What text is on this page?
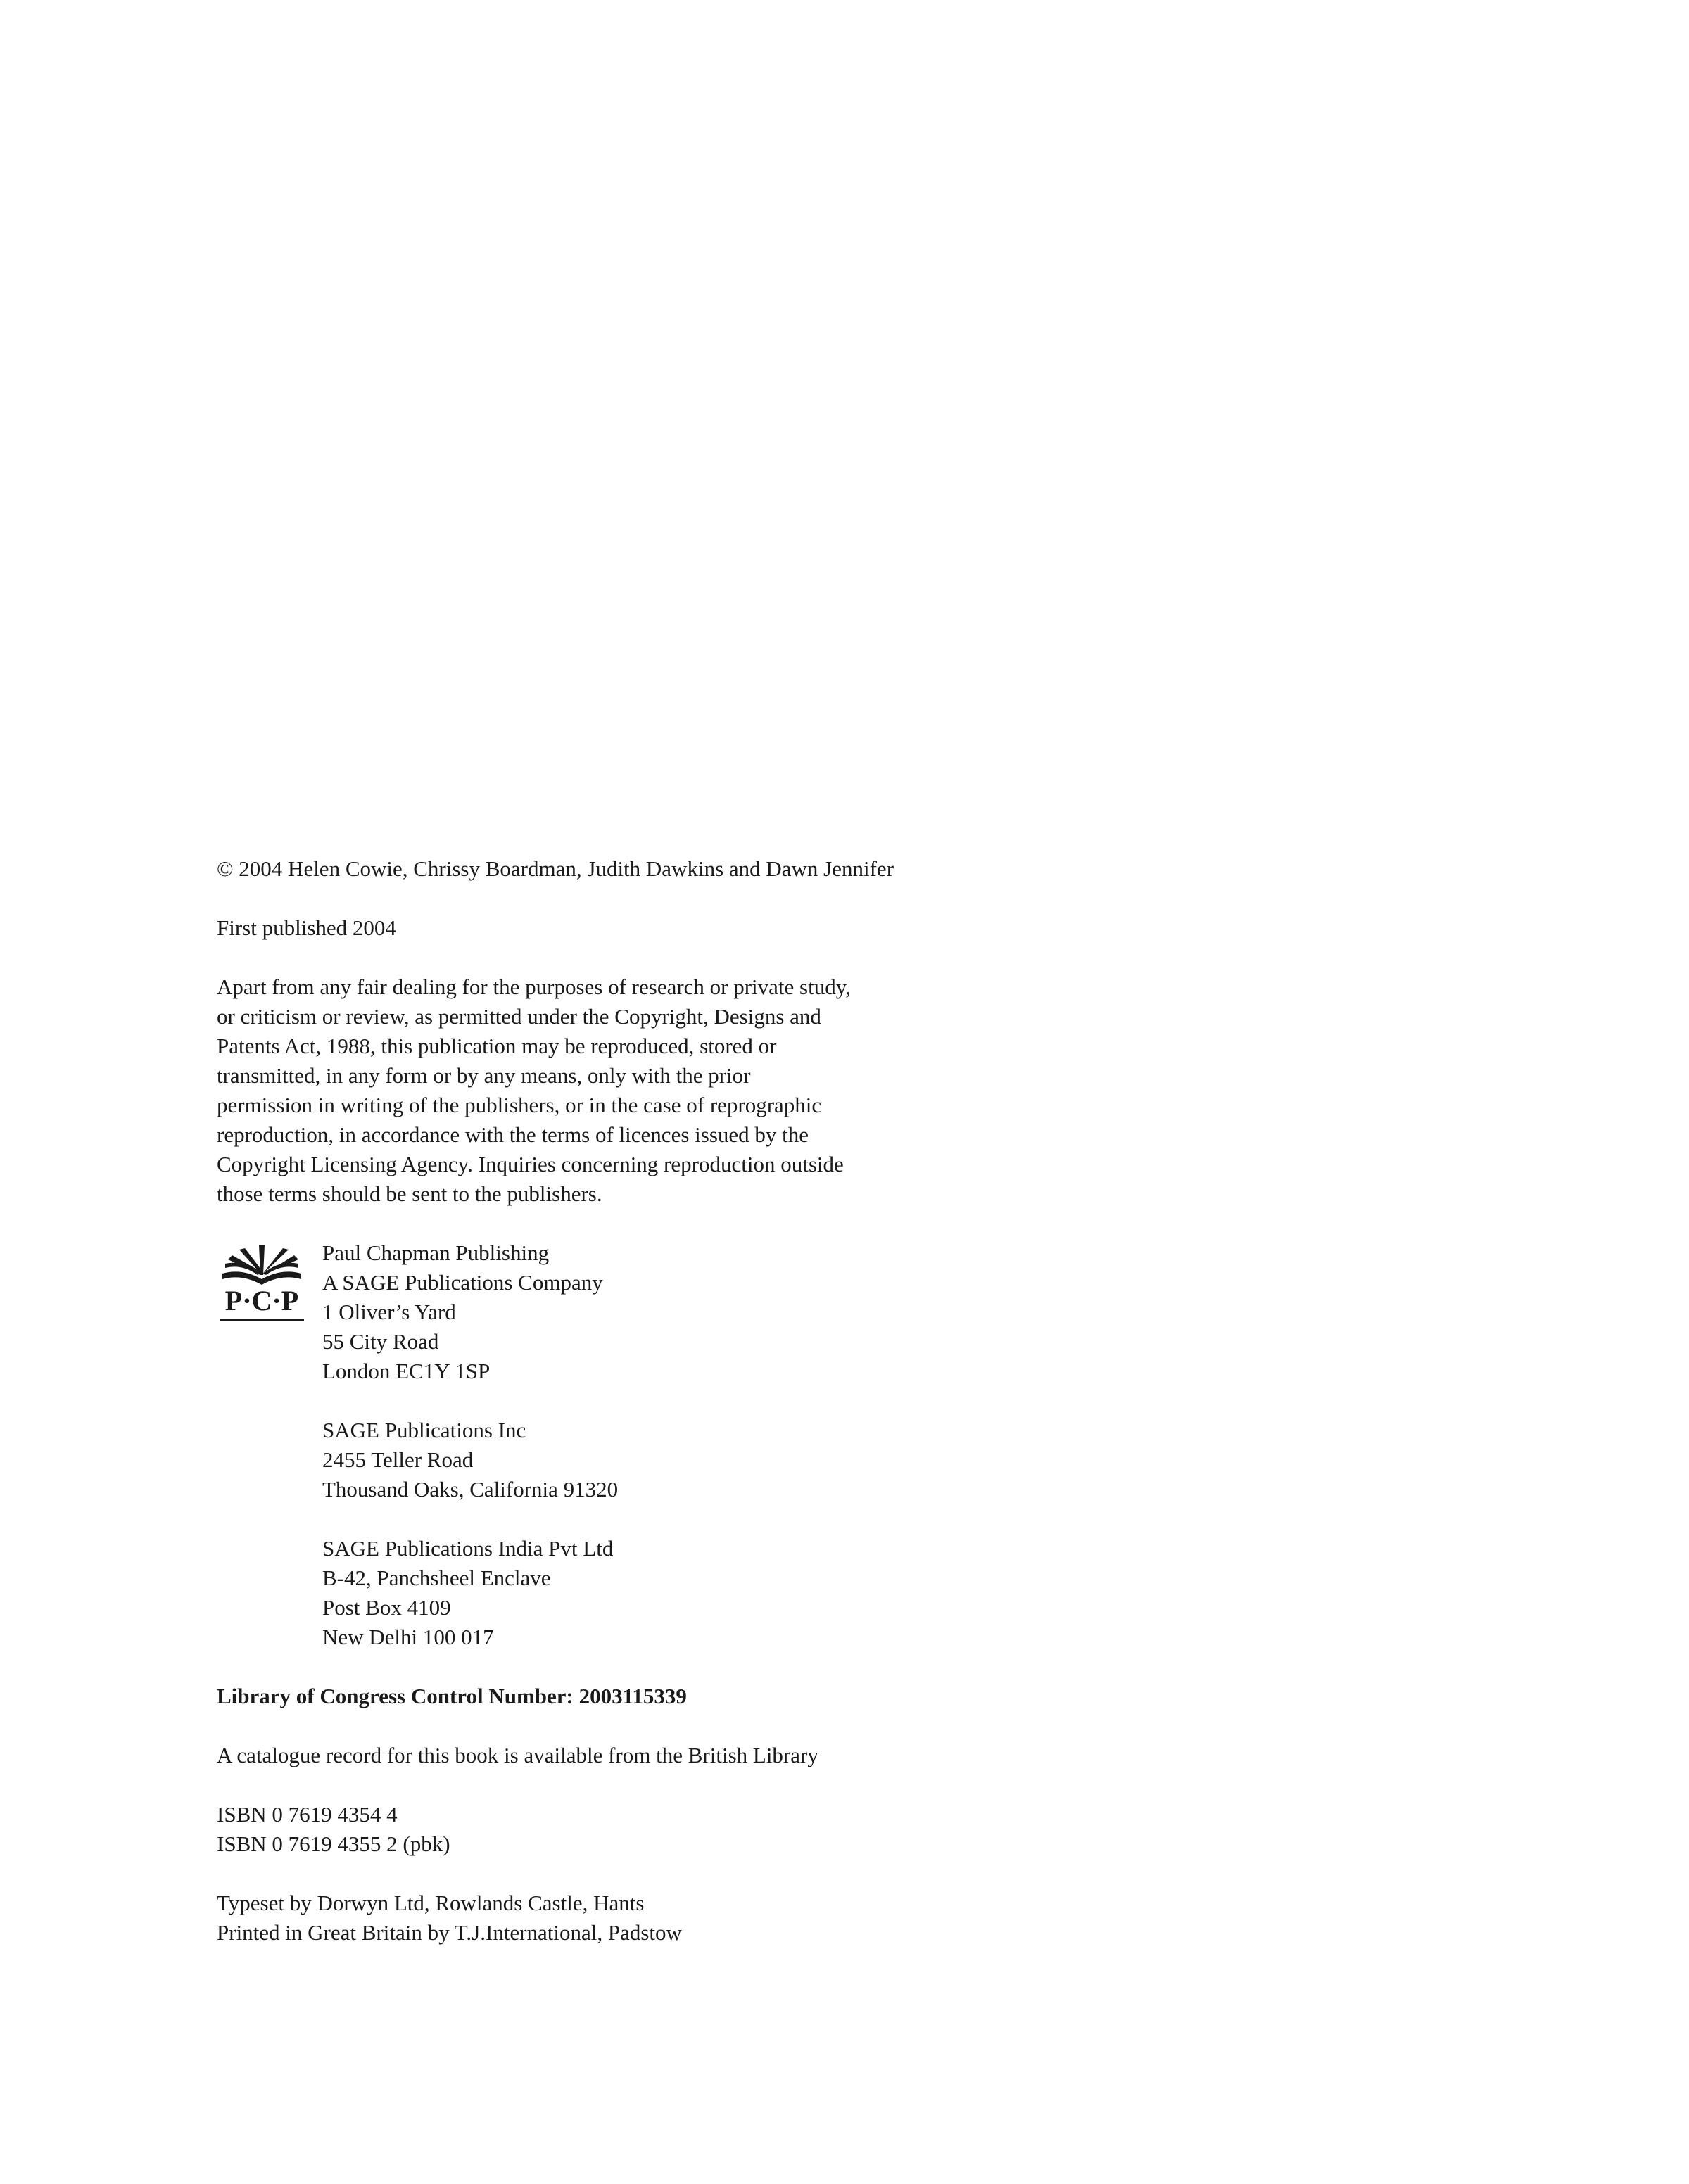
© 2004 Helen Cowie, Chrissy Boardman, Judith Dawkins and Dawn Jennifer
First published 2004
Apart from any fair dealing for the purposes of research or private study,
or criticism or review, as permitted under the Copyright, Designs and
Patents Act, 1988, this publication may be reproduced, stored or
transmitted, in any form or by any means, only with the prior
permission in writing of the publishers, or in the case of reprographic
reproduction, in accordance with the terms of licences issued by the
Copyright Licensing Agency. Inquiries concerning reproduction outside
those terms should be sent to the publishers.
P·C·P
Paul Chapman Publishing
A SAGE Publications Company
1 Oliver’s Yard
55 City Road
London EC1Y 1SP
SAGE Publications Inc
2455 Teller Road
Thousand Oaks, California 91320
SAGE Publications India Pvt Ltd
B-42, Panchsheel Enclave
Post Box 4109
New Delhi 100 017
Library of Congress Control Number: 2003115339
A catalogue record for this book is available from the British Library
ISBN 0 7619 4354 4
ISBN 0 7619 4355 2 (pbk)
Typeset by Dorwyn Ltd, Rowlands Castle, Hants
Printed in Great Britain by T.J.International, Padstow
